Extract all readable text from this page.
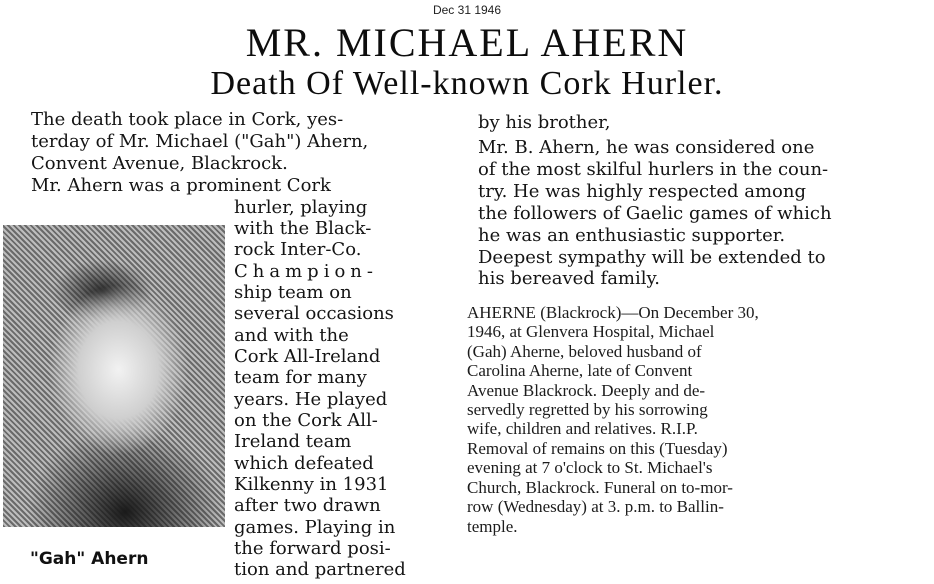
Dec 31 1946
MR. MICHAEL AHERN
Death Of Well-known Cork Hurler.
The death took place in Cork, yes-
terday of Mr. Michael ("Gah") Ahern,
Convent Avenue, Blackrock.
Mr. Ahern was a prominent Cork
hurler, playing
with the Black-
rock Inter-Co.
Champion-
ship team on
several occasions
and with the
Cork All-Ireland
team for many
years. He played
on the Cork All-
Ireland team
which defeated
Kilkenny in 1931
after two drawn
games. Playing in
the forward posi-
tion and partnered
"Gah" Ahern
by his brother,
Mr. B. Ahern, he was considered one
of the most skilful hurlers in the coun-
try. He was highly respected among
the followers of Gaelic games of which
he was an enthusiastic supporter.
Deepest sympathy will be extended to
his bereaved family.
AHERNE (Blackrock)—On December 30,
1946, at Glenvera Hospital, Michael
(Gah) Aherne, beloved husband of
Carolina Aherne, late of Convent
Avenue Blackrock. Deeply and de-
servedly regretted by his sorrowing
wife, children and relatives. R.I.P.
Removal of remains on this (Tuesday)
evening at 7 o'clock to St. Michael's
Church, Blackrock. Funeral on to-mor-
row (Wednesday) at 3. p.m. to Ballin-
temple.
